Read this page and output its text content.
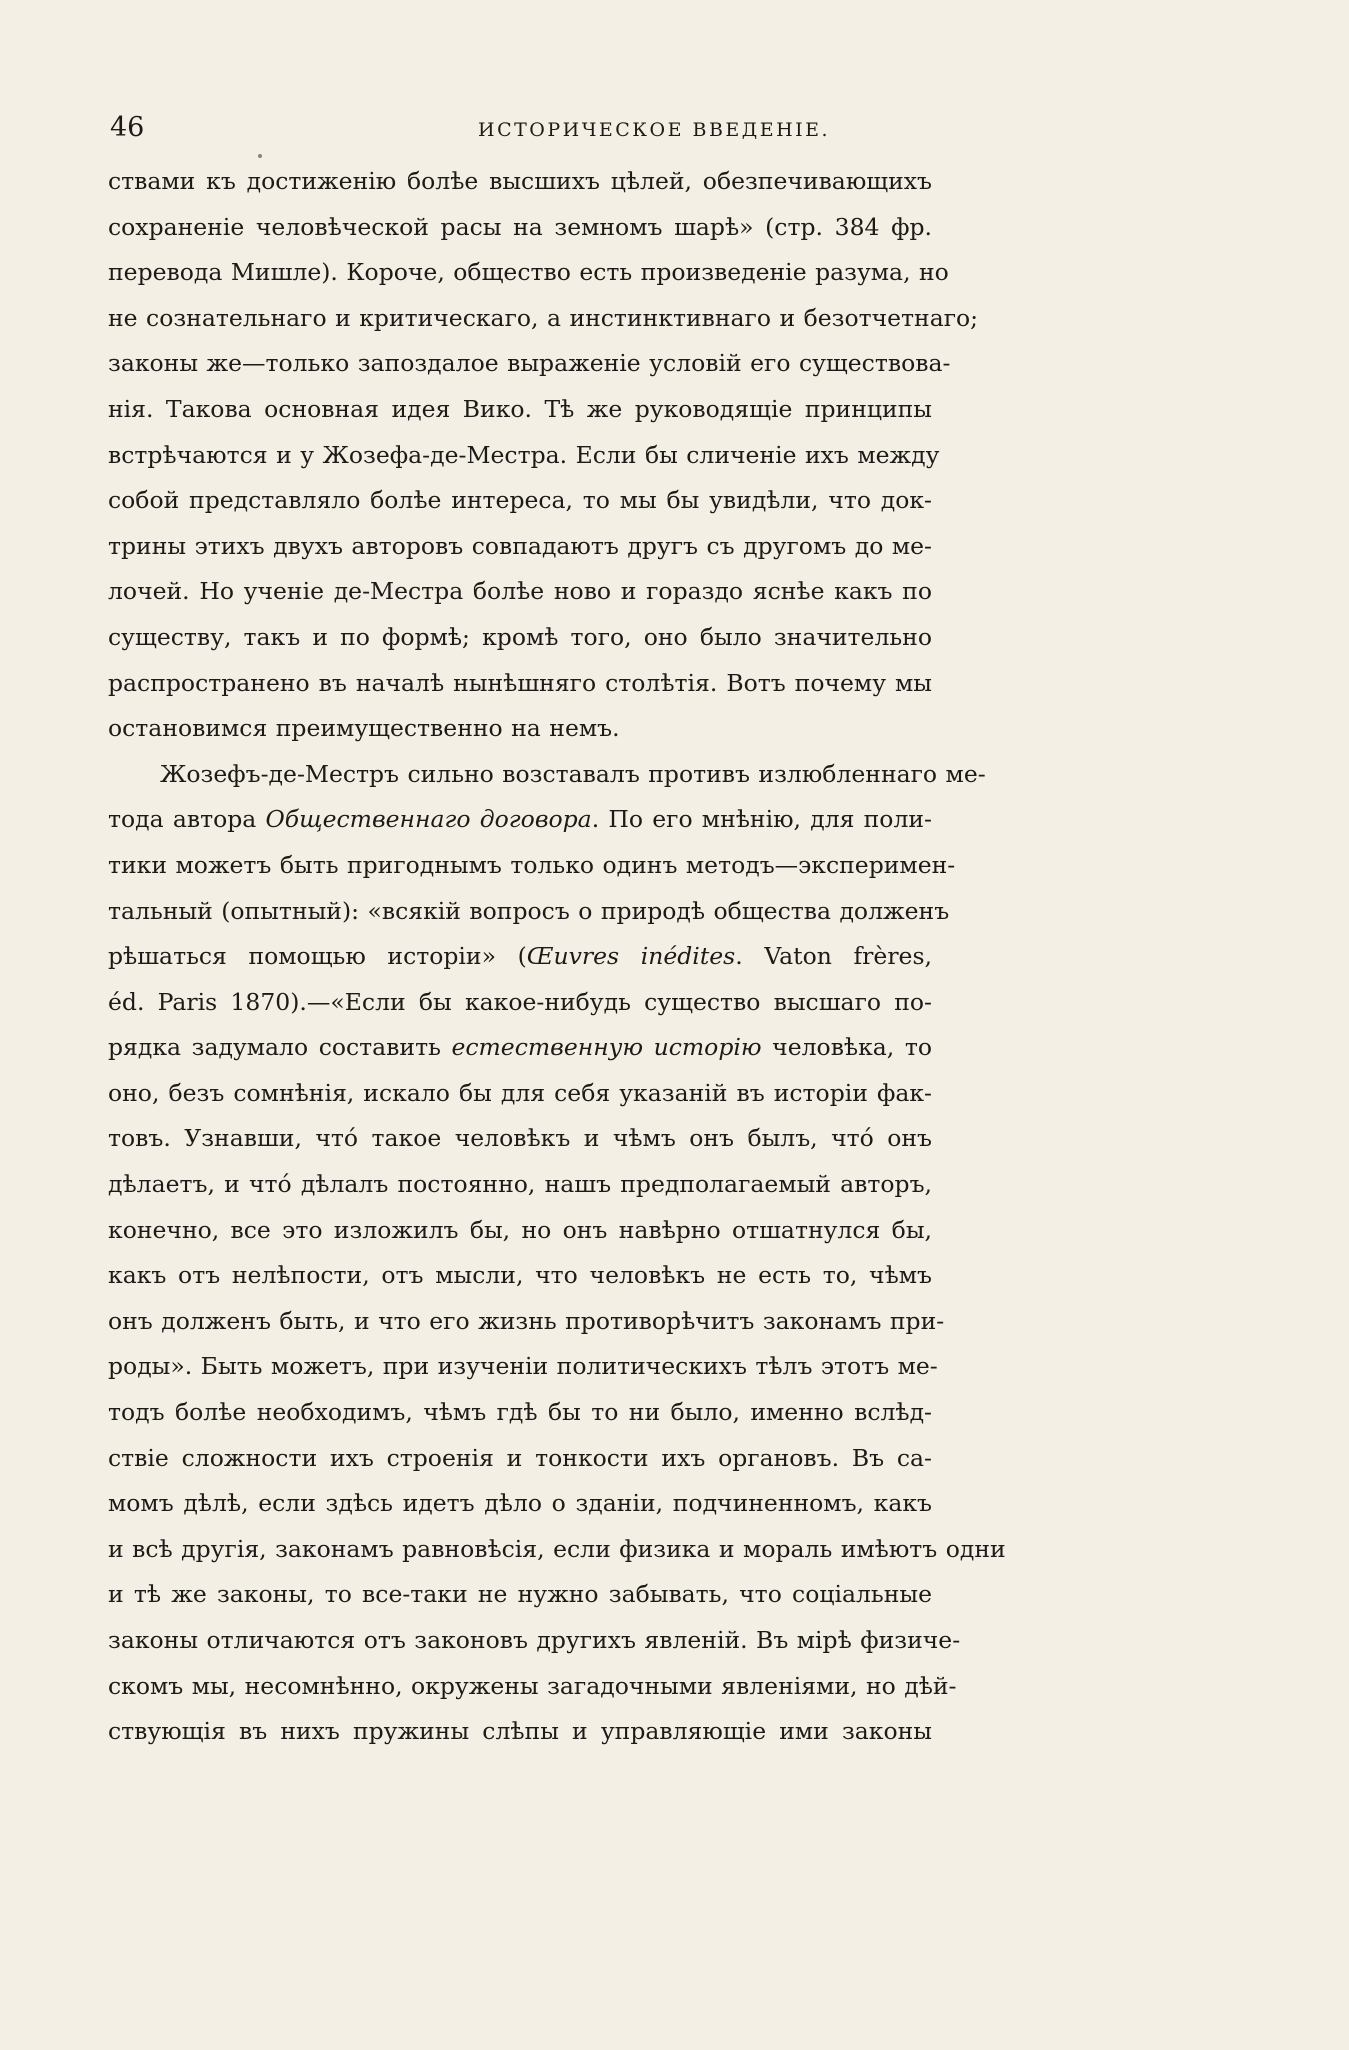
46	ИСТОРИЧЕСКОЕ ВВЕДЕНІЕ.
ствами къ достиженію болѣе высшихъ цѣлей, обезпечивающихъ
сохраненіе человѣческой расы на земномъ шарѣ» (стр. 384 фр.
перевода Мишле). Короче, общество есть произведеніе разума, но
не сознательнаго и критическаго, а инстинктивнаго и безотчетнаго;
законы же—только запоздалое выраженіе условій его существова-
нія. Такова основная идея Вико. Тѣ же руководящіе принципы
встрѣчаются и у Жозефа-де-Местра. Если бы сличеніе ихъ между
собой представляло болѣе интереса, то мы бы увидѣли, что док-
трины этихъ двухъ авторовъ совпадаютъ другъ съ другомъ до ме-
лочей. Но ученіе де-Местра болѣе ново и гораздо яснѣе какъ по
существу, такъ и по формѣ; кромѣ того, оно было значительно
распространено въ началѣ нынѣшняго столѣтія. Вотъ почему мы
остановимся преимущественно на немъ.
Жозефъ-де-Местръ сильно возставалъ противъ излюбленнаго ме-
тода автора Общественнаго договора. По его мнѣнію, для поли-
тики можетъ быть пригоднымъ только одинъ методъ—эксперимен-
тальный (опытный): «всякій вопросъ о природѣ общества долженъ
рѣшаться помощью исторіи» (Œuvres inédites. Vaton frères,
éd. Paris 1870).—«Если бы какое-нибудь существо высшаго по-
рядка задумало составить естественную исторію человѣка, то
оно, безъ сомнѣнія, искало бы для себя указаній въ исторіи фак-
товъ. Узнавши, что́ такое человѣкъ и чѣмъ онъ былъ, что́ онъ
дѣлаетъ, и что́ дѣлалъ постоянно, нашъ предполагаемый авторъ,
конечно, все это изложилъ бы, но онъ навѣрно отшатнулся бы,
какъ отъ нелѣпости, отъ мысли, что человѣкъ не есть то, чѣмъ
онъ долженъ быть, и что его жизнь противорѣчитъ законамъ при-
роды». Быть можетъ, при изученіи политическихъ тѣлъ этотъ ме-
тодъ болѣе необходимъ, чѣмъ гдѣ бы то ни было, именно вслѣд-
ствіе сложности ихъ строенія и тонкости ихъ органовъ. Въ са-
момъ дѣлѣ, если здѣсь идетъ дѣло о зданіи, подчиненномъ, какъ
и всѣ другія, законамъ равновѣсія, если физика и мораль имѣютъ одни
и тѣ же законы, то все-таки не нужно забывать, что соціальные
законы отличаются отъ законовъ другихъ явленій. Въ мірѣ физиче-
скомъ мы, несомнѣнно, окружены загадочными явленіями, но дѣй-
ствующія въ нихъ пружины слѣпы и управляющіе ими законы
